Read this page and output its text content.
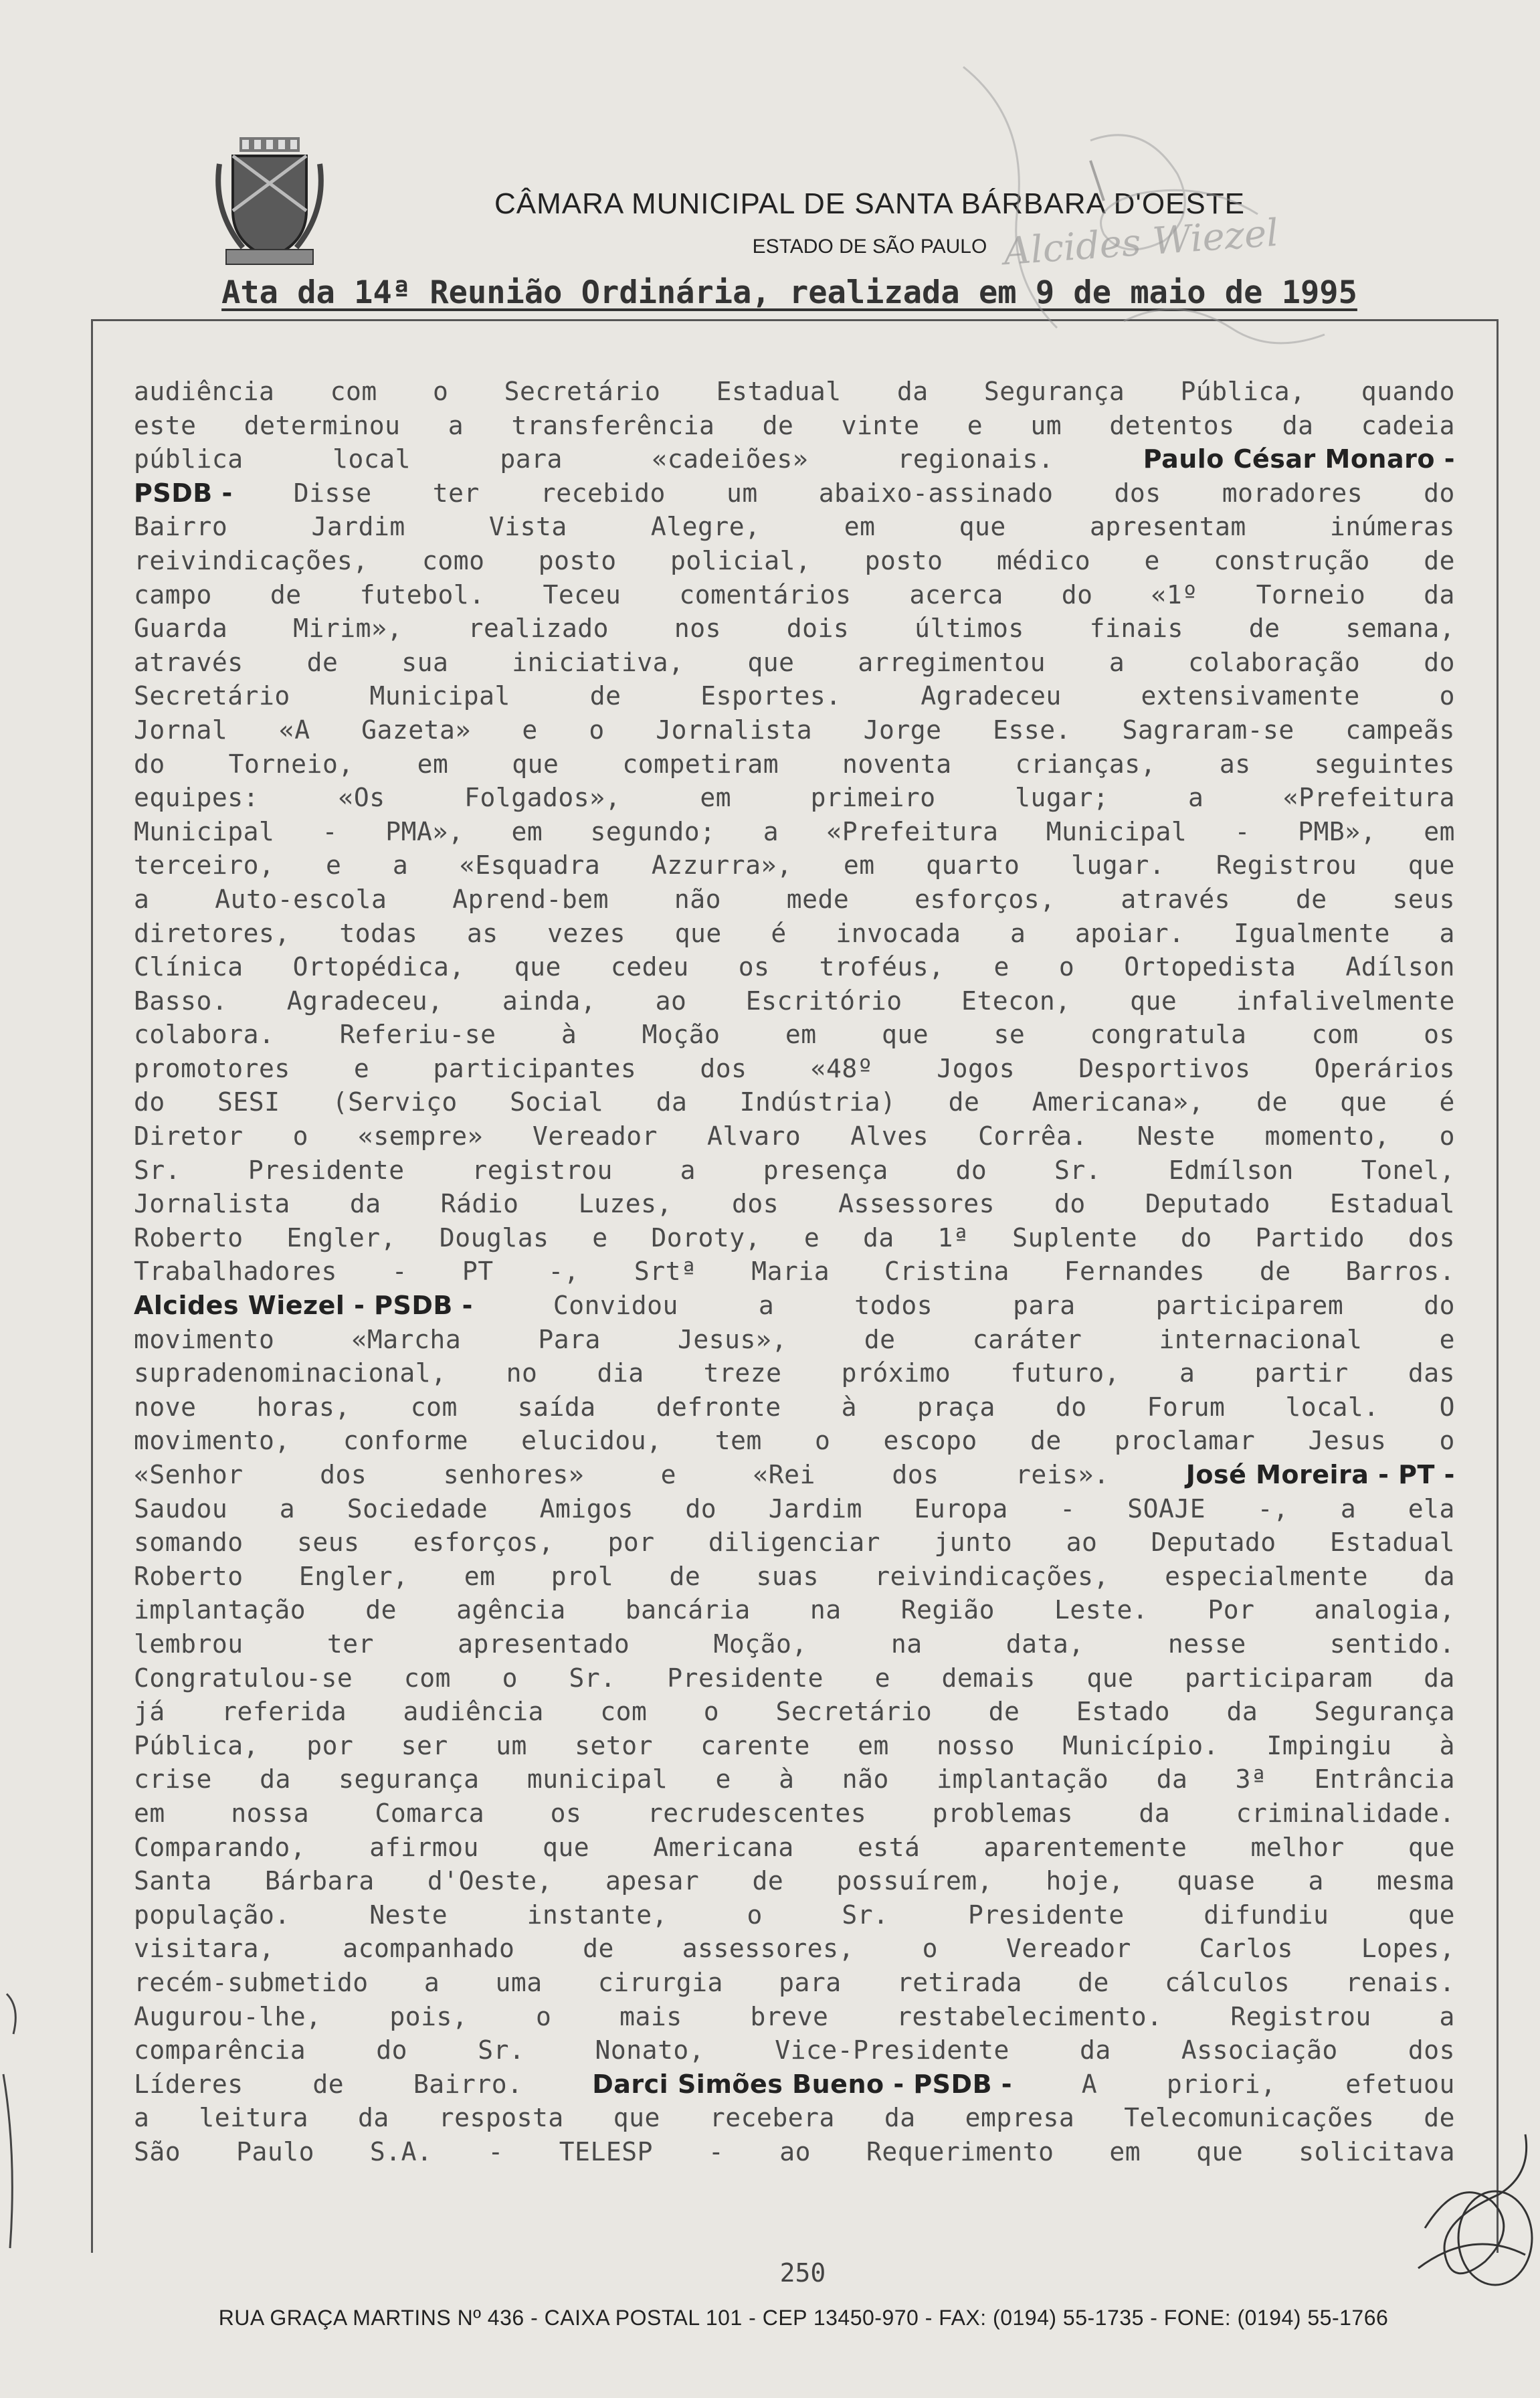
CÂMARA MUNICIPAL DE SANTA BÁRBARA D'OESTE
ESTADO DE SÃO PAULO
Ata da 14ª Reunião Ordinária, realizada em 9 de maio de 1995
audiência com o Secretário Estadual da Segurança Pública, quando
este determinou a transferência de vinte e um detentos da cadeia
pública	local	para	«cadeiões»	regionais.	Paulo César Monaro -
PSDB - Disse ter recebido um abaixo-assinado dos moradores do
Bairro	Jardim	Vista	Alegre,	em	que	apresentam	inúmeras
reivindicações, como posto policial, posto médico e construção de
campo de futebol. Teceu comentários acerca do «1º Torneio da
Guarda	Mirim»,	realizado	nos	dois	últimos	finais	de	semana,
através de sua iniciativa, que arregimentou a colaboração do
Secretário	Municipal	de	Esportes.	Agradeceu	extensivamente	o
Jornal «A Gazeta» e o Jornalista Jorge Esse. Sagraram-se campeãs
do Torneio, em que competiram noventa crianças, as seguintes
equipes:	«Os	Folgados»,	em	primeiro	lugar;	a	«Prefeitura
Municipal - PMA», em segundo; a «Prefeitura Municipal - PMB», em
terceiro, e a «Esquadra Azzurra», em quarto lugar. Registrou que
a	Auto-escola	Aprend-bem	não	mede	esforços,	através	de	seus
diretores, todas as vezes que é invocada a apoiar. Igualmente a
Clínica Ortopédica, que cedeu os troféus, e o Ortopedista Adílson
Basso. Agradeceu, ainda, ao Escritório Etecon, que infalivelmente
colabora.	Referiu-se	à	Moção	em	que	se	congratula	com	os
promotores	e	participantes	dos	«48º	Jogos	Desportivos	Operários
do SESI (Serviço Social da Indústria) de Americana», de que é
Diretor o «sempre» Vereador Alvaro Alves Corrêa. Neste momento, o
Sr.	Presidente	registrou	a	presença	do	Sr.	Edmílson	Tonel,
Jornalista da Rádio Luzes, dos Assessores do Deputado Estadual
Roberto Engler, Douglas e Doroty, e da 1ª Suplente do Partido dos
Trabalhadores - PT -, Srtª Maria Cristina Fernandes de Barros.
Alcides Wiezel - PSDB -	Convidou	a	todos	para	participarem	do
movimento	«Marcha	Para	Jesus»,	de	caráter	internacional	e
supradenominacional, no dia treze próximo futuro, a partir das
nove horas, com saída defronte à praça do Forum local. O
movimento, conforme elucidou, tem o escopo de proclamar Jesus o
«Senhor	dos	senhores»	e	«Rei	dos	reis».	José Moreira - PT -
Saudou a Sociedade Amigos do Jardim Europa - SOAJE -, a ela
somando seus esforços, por diligenciar junto ao Deputado Estadual
Roberto Engler, em prol de suas reivindicações, especialmente da
implantação de agência bancária na Região Leste. Por analogia,
lembrou	ter	apresentado	Moção,	na	data,	nesse	sentido.
Congratulou-se com o Sr. Presidente e demais que participaram da
já referida audiência com o Secretário de Estado da Segurança
Pública, por ser um setor carente em nosso Município. Impingiu à
crise da segurança municipal e à não implantação da 3ª Entrância
em	nossa	Comarca	os	recrudescentes	problemas	da	criminalidade.
Comparando,	afirmou	que	Americana	está	aparentemente	melhor	que
Santa Bárbara d'Oeste, apesar de possuírem, hoje, quase a mesma
população.	Neste	instante,	o	Sr.	Presidente	difundiu	que
visitara,	acompanhado	de	assessores,	o	Vereador	Carlos	Lopes,
recém-submetido a uma cirurgia para retirada de cálculos renais.
Augurou-lhe,	pois,	o	mais	breve	restabelecimento.	Registrou	a
comparência	do	Sr.	Nonato,	Vice-Presidente	da	Associação	dos
Líderes	de	Bairro.	Darci Simões Bueno - PSDB -	A	priori,	efetuou
a leitura da resposta que recebera da empresa Telecomunicações de
São Paulo S.A. - TELESP - ao Requerimento em que solicitava
250
RUA GRAÇA MARTINS Nº 436 - CAIXA POSTAL 101 - CEP 13450-970 - FAX: (0194) 55-1735 - FONE: (0194) 55-1766
Alcides Wiezel
